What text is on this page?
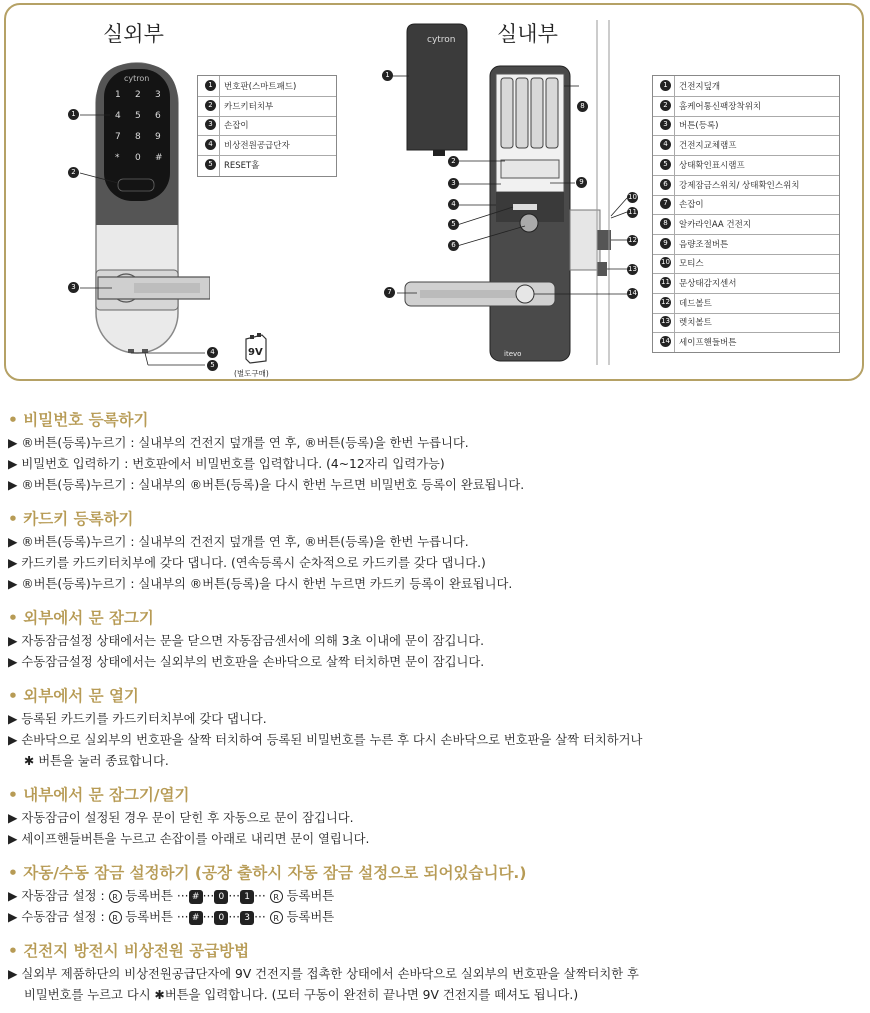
실외부
cytron
1 2 3
4 5 6
7 8 9
* 0 #
1
2
3
4
5
9V
(별도구매)
1	번호판(스마트패드)
2	카드키터치부
3	손잡이
4	비상전원공급단자
5	RESET홀
실내부
cytron
itevo
1
2
3
4
5
6
7
8
9
10
11
12
13
14
1	건전지덮개
2	홈케어통신팩장착위치
3	버튼(등록)
4	건전지교체램프
5	상태확인표시램프
6	강제잠금스위치/ 상태확인스위치
7	손잡이
8	알카라인AA 건전지
9	음량조절버튼
10 모티스
11 문상태감지센서
12 데드볼트
13 렛치볼트
14 세이프핸들버튼
• 비밀번호 등록하기
▶ ®버튼(등록)누르기 : 실내부의 건전지 덮개를 연 후, ®버튼(등록)을 한번 누릅니다.
▶ 비밀번호 입력하기 : 번호판에서 비밀번호를 입력합니다. (4~12자리 입력가능)
▶ ®버튼(등록)누르기 : 실내부의 ®버튼(등록)을 다시 한번 누르면 비밀번호 등록이 완료됩니다.
• 카드키 등록하기
▶ ®버튼(등록)누르기 : 실내부의 건전지 덮개를 연 후, ®버튼(등록)을 한번 누릅니다.
▶ 카드키를 카드키터치부에 갖다 댑니다. (연속등록시 순차적으로 카드키를 갖다 댑니다.)
▶ ®버튼(등록)누르기 : 실내부의 ®버튼(등록)을 다시 한번 누르면 카드키 등록이 완료됩니다.
• 외부에서 문 잠그기
▶ 자동잠금설정 상태에서는 문을 닫으면 자동잠금센서에 의해 3초 이내에 문이 잠깁니다.
▶ 수동잠금설정 상태에서는 실외부의 번호판을 손바닥으로 살짝 터치하면 문이 잠깁니다.
• 외부에서 문 열기
▶ 등록된 카드키를 카드키터치부에 갖다 댑니다.
▶ 손바닥으로 실외부의 번호판을 살짝 터치하여 등록된 비밀번호를 누른 후 다시 손바닥으로 번호판을 살짝 터치하거나
✱ 버튼을 눌러 종료합니다.
• 내부에서 문 잠그기/열기
▶ 자동잠금이 설정된 경우 문이 닫힌 후 자동으로 문이 잠깁니다.
▶ 세이프핸들버튼을 누르고 손잡이를 아래로 내리면 문이 열립니다.
• 자동/수동 잠금 설정하기 (공장 출하시 자동 잠금 설정으로 되어있습니다.)
▶ 자동잠금 설정 : R 등록버튼 ··· # ··· 0 ··· 1 ··· R 등록버튼
▶ 수동잠금 설정 : R 등록버튼 ··· # ··· 0 ··· 3 ··· R 등록버튼
• 건전지 방전시 비상전원 공급방법
▶ 실외부 제품하단의 비상전원공급단자에 9V 건전지를 접촉한 상태에서 손바닥으로 실외부의 번호판을 살짝터치한 후
비밀번호를 누르고 다시 ✱버튼을 입력합니다. (모터 구동이 완전히 끝나면 9V 건전지를 떼셔도 됩니다.)
